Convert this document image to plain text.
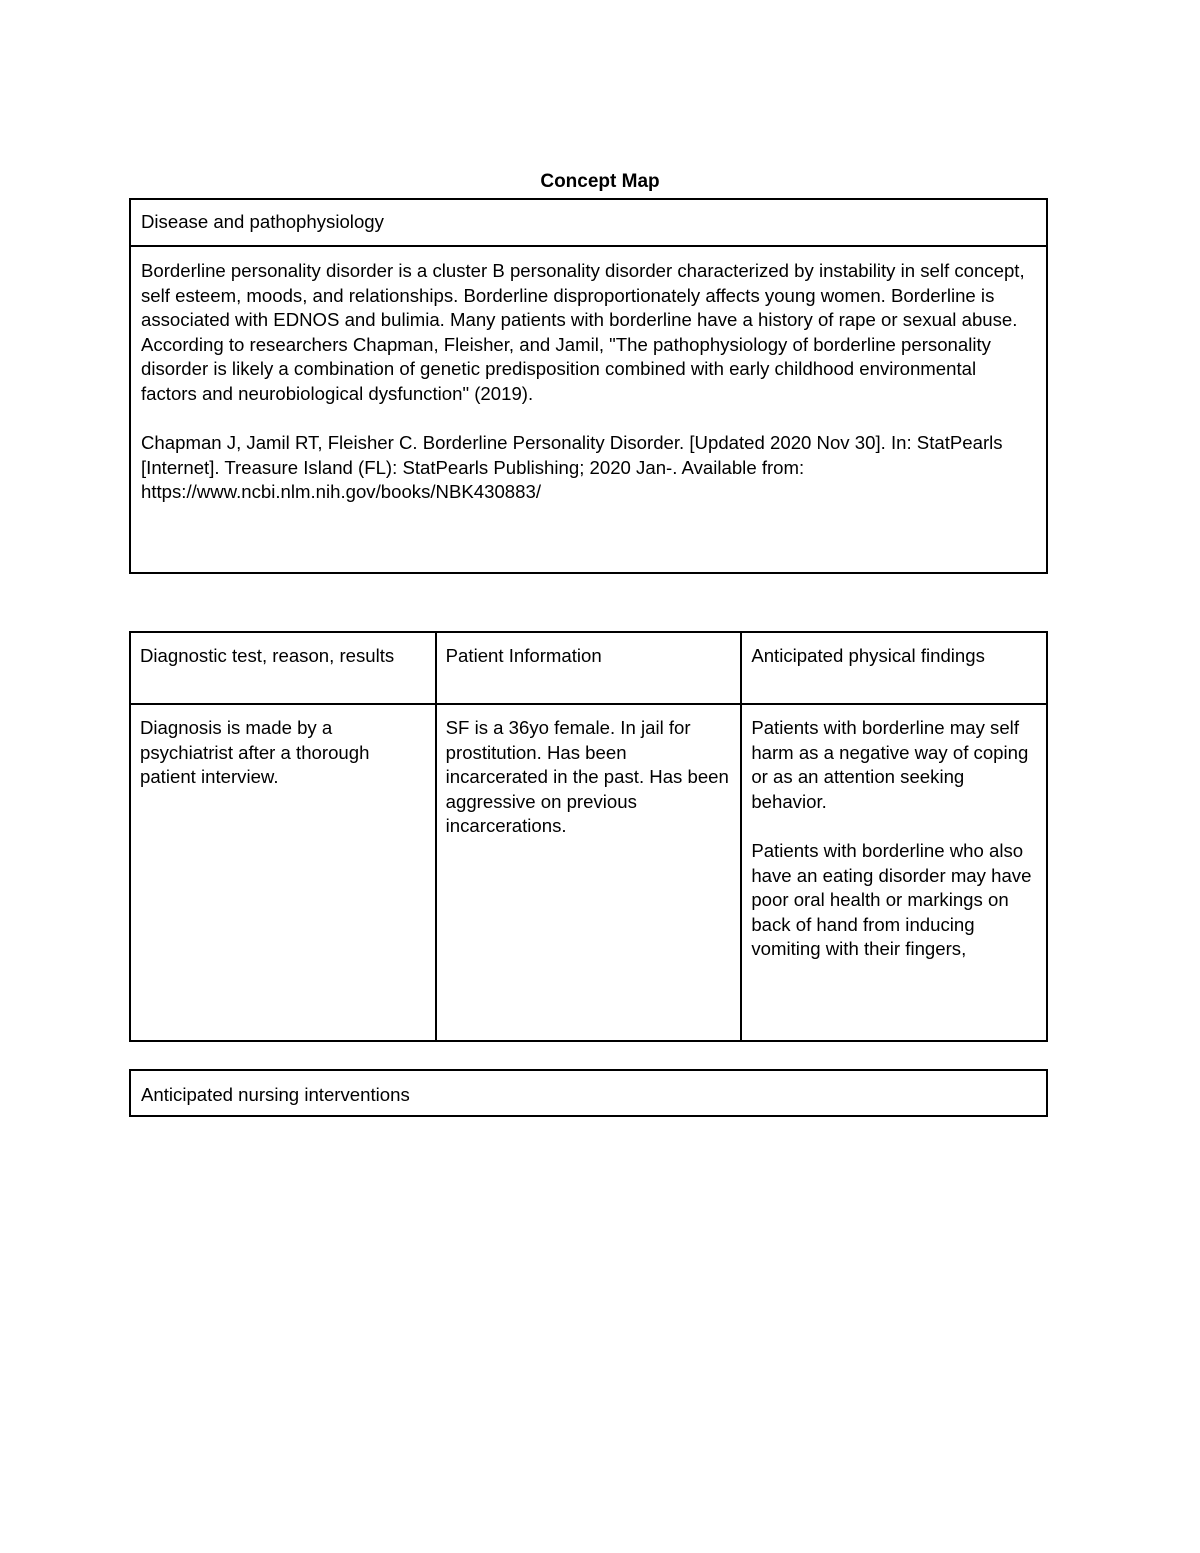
Concept Map
Disease and pathophysiology

Borderline personality disorder is a cluster B personality disorder characterized by instability in self concept, self esteem, moods, and relationships. Borderline disproportionately affects young women. Borderline is associated with EDNOS and bulimia. Many patients with borderline have a history of rape or sexual abuse. According to researchers Chapman, Fleisher, and Jamil, "The pathophysiology of borderline personality disorder is likely a combination of genetic predisposition combined with early childhood environmental factors and neurobiological dysfunction" (2019).

Chapman J, Jamil RT, Fleisher C. Borderline Personality Disorder. [Updated 2020 Nov 30]. In: StatPearls [Internet]. Treasure Island (FL): StatPearls Publishing; 2020 Jan-. Available from: https://www.ncbi.nlm.nih.gov/books/NBK430883/

Diagnostic test, reason, results	Patient Information	Anticipated physical findings
Diagnosis is made by a psychiatrist after a thorough patient interview.	SF is a 36yo female. In jail for prostitution. Has been incarcerated in the past. Has been aggressive on previous incarcerations.	Patients with borderline may self harm as a negative way of coping or as an attention seeking behavior.

Patients with borderline who also have an eating disorder may have poor oral health or markings on back of hand from inducing vomiting with their fingers,

Anticipated nursing interventions
